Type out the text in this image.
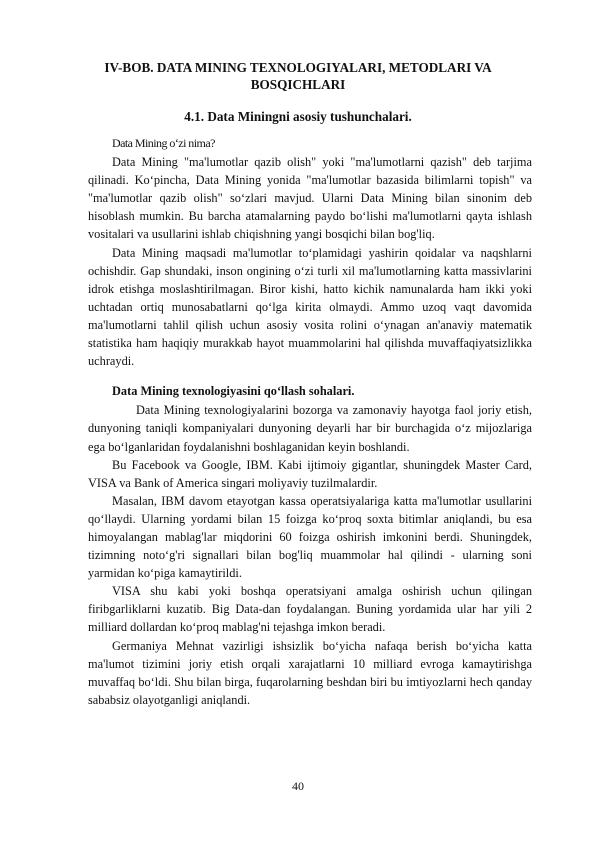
IV-BOB. DATA MINING TEXNOLOGIYALARI, METODLARI VA BOSQICHLARI
4.1. Data Miningni asosiy tushunchalari.

Data Mining o‘zi nima?

Data Mining "ma'lumotlar qazib olish" yoki "ma'lumotlarni qazish" deb tarjima qilinadi. Ko‘pincha, Data Mining yonida "ma'lumotlar bazasida bilimlarni topish" va "ma'lumotlar qazib olish" so‘zlari mavjud. Ularni Data Mining bilan sinonim deb hisoblash mumkin. Bu barcha atamalarning paydo bo‘lishi ma'lumotlarni qayta ishlash vositalari va usullarini ishlab chiqishning yangi bosqichi bilan bog'liq.

Data Mining maqsadi ma'lumotlar to‘plamidagi yashirin qoidalar va naqshlarni ochishdir. Gap shundaki, inson ongining o‘zi turli xil ma'lumotlarning katta massivlarini idrok etishga moslashtirilmagan. Biror kishi, hatto kichik namunalarda ham ikki yoki uchtadan ortiq munosabatlarni qo‘lga kirita olmaydi. Ammo uzoq vaqt davomida ma'lumotlarni tahlil qilish uchun asosiy vosita rolini o‘ynagan an'anaviy matematik statistika ham haqiqiy murakkab hayot muammolarini hal qilishda muvaffaqiyatsizlikka uchraydi.

Data Mining texnologiyasini qo‘llash sohalari.

Data Mining texnologiyalarini bozorga va zamonaviy hayotga faol joriy etish, dunyoning taniqli kompaniyalari dunyoning deyarli har bir burchagida o‘z mijozlariga ega bo‘lganlaridan foydalanishni boshlaganidan keyin boshlandi.

Bu Facebook va Google, IBM. Kabi ijtimoiy gigantlar, shuningdek Master Card, VISA va Bank of America singari moliyaviy tuzilmalardir.

Masalan, IBM davom etayotgan kassa operatsiyalariga katta ma'lumotlar usullarini qo‘llaydi. Ularning yordami bilan 15 foizga ko‘proq soxta bitimlar aniqlandi, bu esa himoyalangan mablag'lar miqdorini 60 foizga oshirish imkonini berdi. Shuningdek, tizimning noto‘g'ri signallari bilan bog'liq muammolar hal qilindi - ularning soni yarmidan ko‘piga kamaytirildi.

VISA shu kabi yoki boshqa operatsiyani amalga oshirish uchun qilingan firibgarliklarni kuzatib. Big Data-dan foydalangan. Buning yordamida ular har yili 2 milliard dollardan ko‘proq mablag'ni tejashga imkon beradi.

Germaniya Mehnat vazirligi ishsizlik bo‘yicha nafaqa berish bo‘yicha katta ma'lumot tizimini joriy etish orqali xarajatlarni 10 milliard evroga kamaytirishga muvaffaq bo‘ldi. Shu bilan birga, fuqarolarning beshdan biri bu imtiyozlarni hech qanday sababsiz olayotganligi aniqlandi.

40
